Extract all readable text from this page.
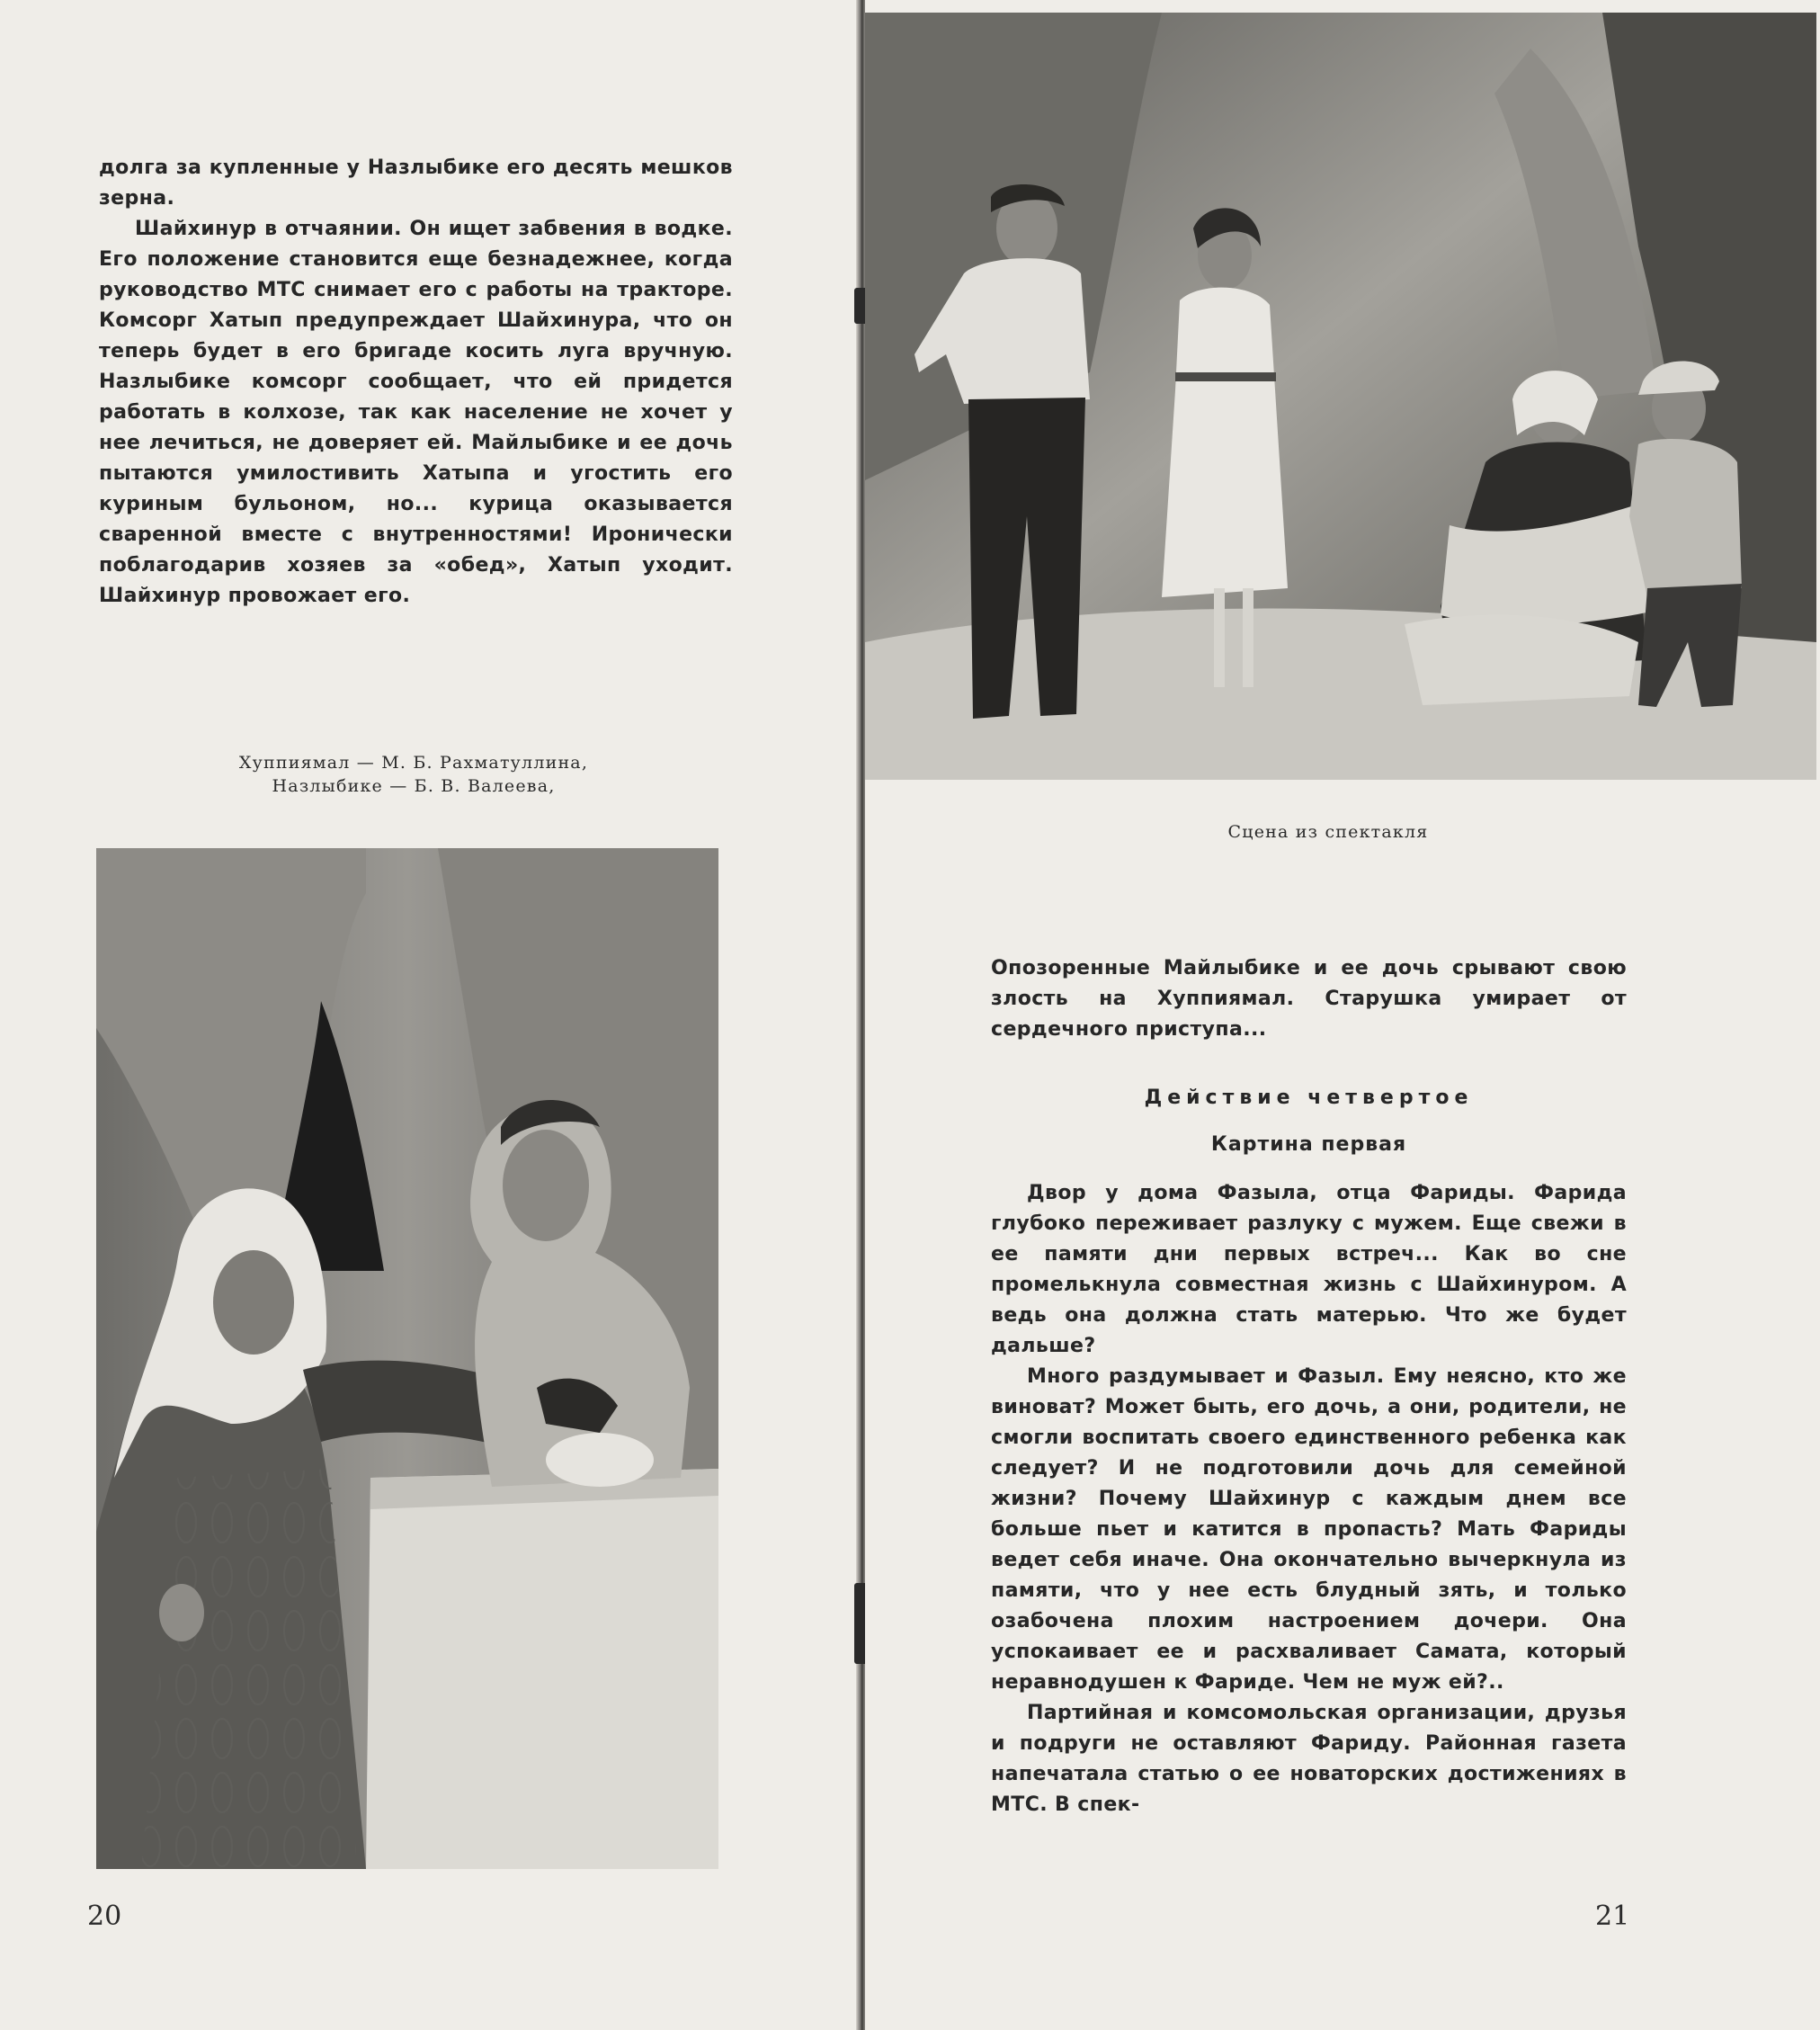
долга за купленные у Назлыбике его десять мешков зерна.

Шайхинур в отчаянии. Он ищет забвения в водке. Его положение становится еще безнадежнее, когда руководство МТС снимает его с работы на тракторе. Комсорг Хатып предупреждает Шайхинура, что он теперь будет в его бригаде косить луга вручную. Назлыбике комсорг сообщает, что ей придется работать в колхозе, так как население не хочет у нее лечиться, не доверяет ей. Майлыбике и ее дочь пытаются умилостивить Хатыпа и угостить его куриным бульоном, но... курица оказывается сваренной вместе с внутренностями! Иронически поблагодарив хозяев за «обед», Хатып уходит. Шайхинур провожает его.

Хуппиямал — М. Б. Рахматуллина,
Назлыбике — Б. В. Валеева,
20
Сцена из спектакля

Опозоренные Майлыбике и ее дочь срывают свою злость на Хуппиямал. Старушка умирает от сердечного приступа...

Действие четвертое
Картина первая

Двор у дома Фазыла, отца Фариды. Фарида глубоко переживает разлуку с мужем. Еще свежи в ее памяти дни первых встреч... Как во сне промелькнула совместная жизнь с Шайхинуром. А ведь она должна стать матерью. Что же будет дальше?

Много раздумывает и Фазыл. Ему неясно, кто же виноват? Может быть, его дочь, а они, родители, не смогли воспитать своего единственного ребенка как следует? И не подготовили дочь для семейной жизни? Почему Шайхинур с каждым днем все больше пьет и катится в пропасть? Мать Фариды ведет себя иначе. Она окончательно вычеркнула из памяти, что у нее есть блудный зять, и только озабочена плохим настроением дочери. Она успокаивает ее и расхваливает Самата, который неравнодушен к Фариде. Чем не муж ей?..

Партийная и комсомольская организации, друзья и подруги не оставляют Фариду. Районная газета напечатала статью о ее новаторских достижениях в МТС. В спек-

21
